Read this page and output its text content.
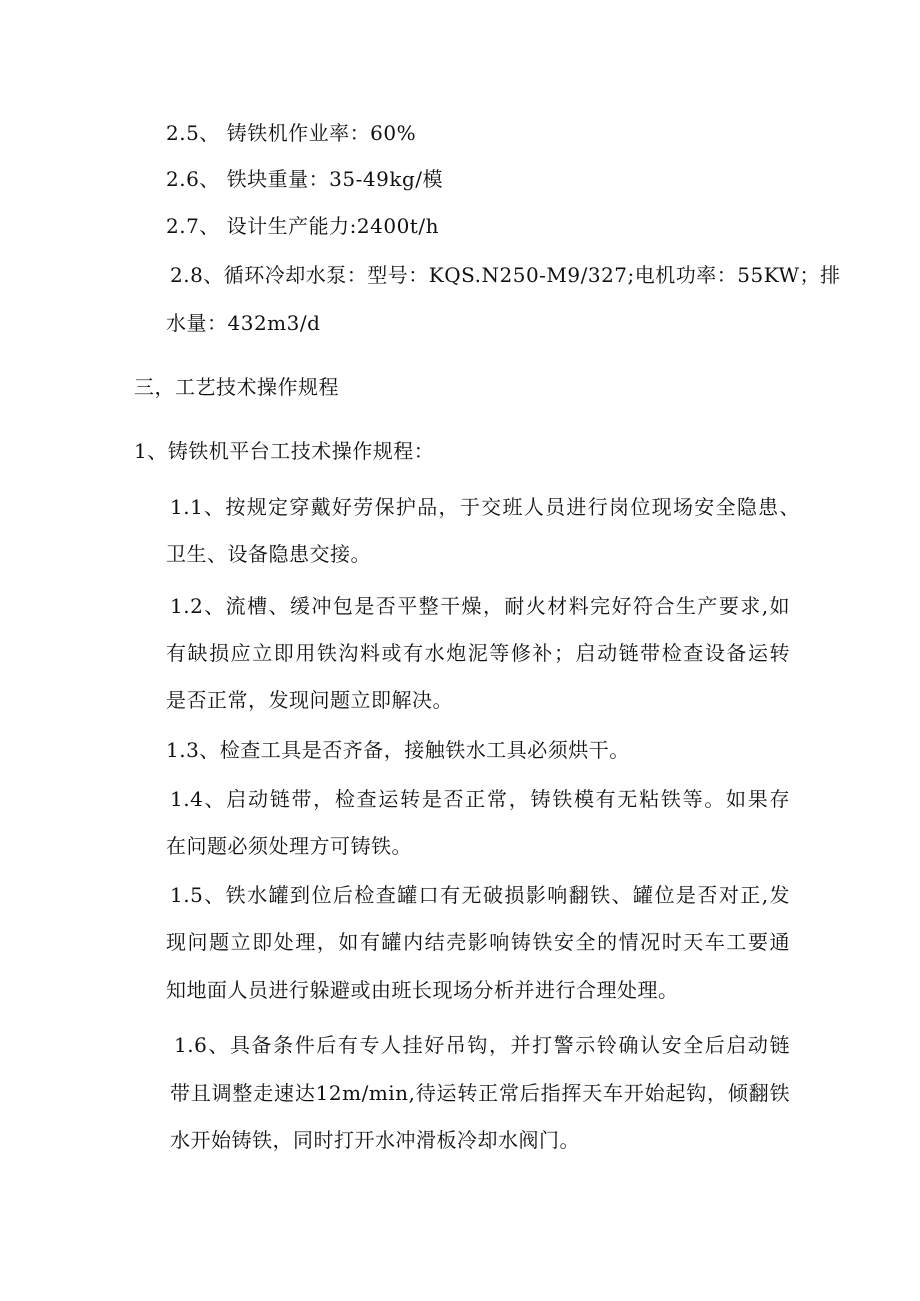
2.5、 铸铁机作业率：60%
2.6、 铁块重量：35-49kg/模
2.7、 设计生产能力:2400t/h
2.8、循环冷却水泵：型号：KQS.N250-M9∕327;电机功率：55KW；排
水量：432m3∕d
三，工艺技术操作规程
1、铸铁机平台工技术操作规程：
1.1、按规定穿戴好劳保护品，于交班人员进行岗位现场安全隐患、
卫生、设备隐患交接。
1.2、流槽、缓冲包是否平整干燥，耐火材料完好符合生产要求,如
有缺损应立即用铁沟料或有水炮泥等修补；启动链带检查设备运转
是否正常，发现问题立即解决。
1.3、检查工具是否齐备，接触铁水工具必须烘干。
1.4、启动链带，检查运转是否正常，铸铁模有无粘铁等。如果存
在问题必须处理方可铸铁。
1.5、铁水罐到位后检查罐口有无破损影响翻铁、罐位是否对正,发
现问题立即处理，如有罐内结壳影响铸铁安全的情况时天车工要通
知地面人员进行躲避或由班长现场分析并进行合理处理。
1.6、具备条件后有专人挂好吊钩，并打警示铃确认安全后启动链
带且调整走速达12m∕min,待运转正常后指挥天车开始起钩，倾翻铁
水开始铸铁，同时打开水冲滑板冷却水阀门。
